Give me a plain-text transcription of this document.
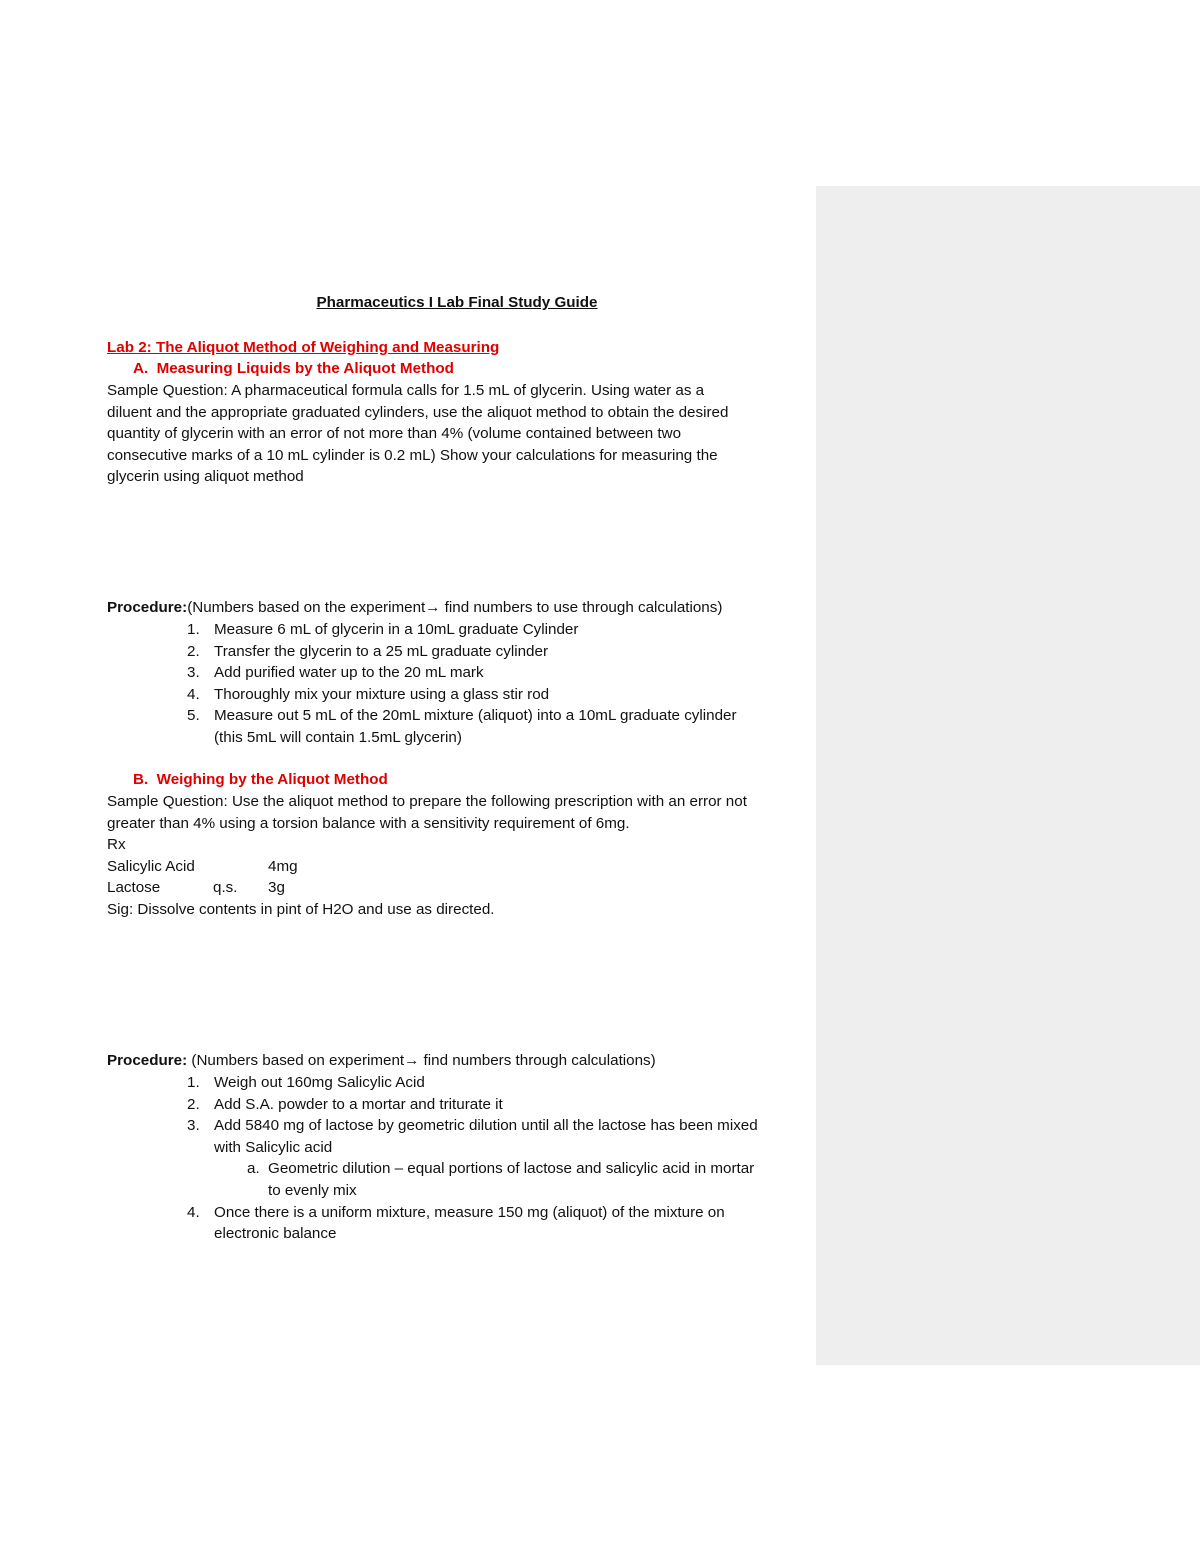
Pharmaceutics I Lab Final Study Guide
Lab 2: The Aliquot Method of Weighing and Measuring
A. Measuring Liquids by the Aliquot Method
Sample Question: A pharmaceutical formula calls for 1.5 mL of glycerin. Using water as a
diluent and the appropriate graduated cylinders, use the aliquot method to obtain the desired
quantity of glycerin with an error of not more than 4% (volume contained between two
consecutive marks of a 10 mL cylinder is 0.2 mL) Show your calculations for measuring the
glycerin using aliquot method
Procedure:(Numbers based on the experiment→ find numbers to use through calculations)
1. Measure 6 mL of glycerin in a 10mL graduate Cylinder
2. Transfer the glycerin to a 25 mL graduate cylinder
3. Add purified water up to the 20 mL mark
4. Thoroughly mix your mixture using a glass stir rod
5. Measure out 5 mL of the 20mL mixture (aliquot) into a 10mL graduate cylinder
(this 5mL will contain 1.5mL glycerin)
B. Weighing by the Aliquot Method
Sample Question: Use the aliquot method to prepare the following prescription with an error not
greater than 4% using a torsion balance with a sensitivity requirement of 6mg.
Rx
Salicylic Acid	4mg
Lactose	q.s. 3g
Sig: Dissolve contents in pint of H2O and use as directed.
Procedure: (Numbers based on experiment→ find numbers through calculations)
1. Weigh out 160mg Salicylic Acid
2. Add S.A. powder to a mortar and triturate it
3. Add 5840 mg of lactose by geometric dilution until all the lactose has been mixed
with Salicylic acid
a. Geometric dilution – equal portions of lactose and salicylic acid in mortar
to evenly mix
4. Once there is a uniform mixture, measure 150 mg (aliquot) of the mixture on
electronic balance
